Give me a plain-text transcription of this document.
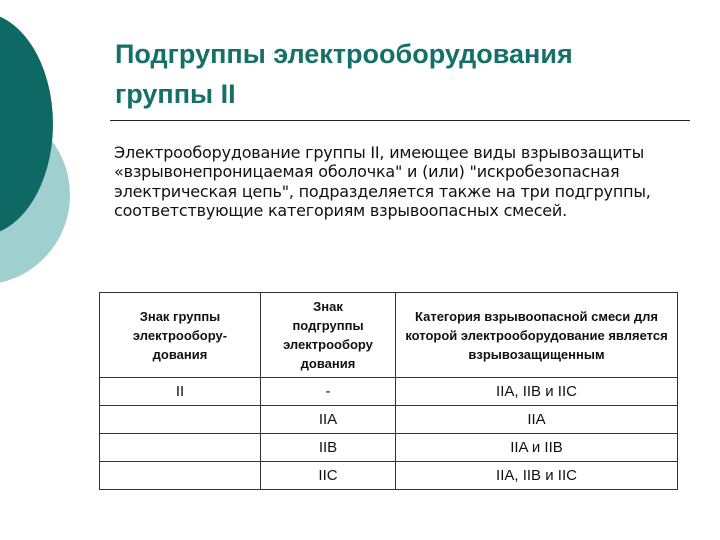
Подгруппы электрооборудования группы II
Электрооборудование группы II, имеющее виды взрывозащиты «взрывонепроницаемая оболочка" и (или) "искробезопасная электрическая цепь", подразделяется также на три подгруппы, соответствующие категориям взрывоопасных смесей.
Знак группы электрообору-дования	Знак подгруппы электрообору дования	Категория взрывоопасной смеси для которой электрооборудование является взрывозащищенным
II	-	IIA, IIB и IIC
	IIA	IIA
	IIB	IIA и IIB
	IIC	IIA, IIB и IIC
